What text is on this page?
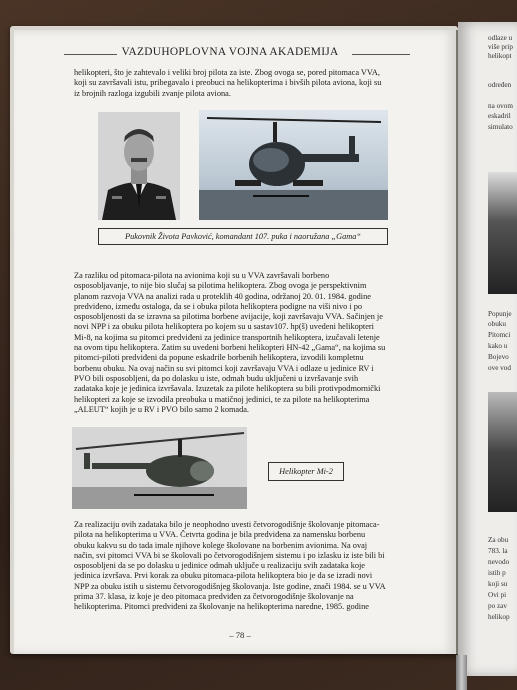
odlaze u
više prip
helikopt
određen
na ovom
eskadril
simulato
Popunje
obuku
Pitomci
kako u
Bojevo
ove vod
Za obu
783. la
nevodo
istih p
koji su
Ovi pi
po zav
helikop
VAZDUHOPLOVNA VOJNA AKADEMIJA
helikopteri, što je zahtevalo i veliki broj pilota za iste. Zbog ovoga se, pored pitomaca VVA,
koji su završavali istu, pribegavalo i preobuci na helikopterima i bivših pilota aviona, koji su
iz brojnih razloga izgubili zvanje pilota aviona.
Pukovnik Života Pavković, komandant 107. puka i naoružana „Gama“
Za razliku od pitomaca-pilota na avionima koji su u VVA završavali borbeno
osposobljavanje, to nije bio slučaj sa pilotima helikoptera. Zbog ovoga je perspektivnim
planom razvoja VVA na analizi rada u proteklih 40 godina, održanoj 20. 01. 1984. godine
predviđeno, između ostaloga, da se i obuka pilota helikoptera podigne na viši nivo i po
osposobljenosti da se izravna sa pilotima borbene avijacije, koji završavaju VVA. Sačinjen je
novi NPP i za obuku pilota helikoptera po kojem su u sastav107. hp(š) uvedeni helikopteri
Mi-8, na kojima su pitomci predviđeni za jedinice transportnih helikoptera, izučavali letenje
na ovom tipu helikoptera. Zatim su uvedeni borbeni helikopteri HN-42 „Gama“, na kojima su
pitomci-piloti predviđeni da popune eskadrile borbenih helikoptera, izvodili kompletnu
borbenu obuku. Na ovaj način su svi pitomci koji završavaju VVA i odlaze u jedinice RV i
PVO bili osposobljeni, da po dolasku u iste, odmah budu uključeni u izvršavanje svih
zadataka koje je jedinica izvršavala. Izuzetak za pilote helikoptera su bili protivpodmornički
helikopteri za koje se izvodila preobuka u matičnoj jedinici, te za pilote na helikopterima
„ALEUT“ kojih je u RV i PVO bilo samo 2 komada.
Helikopter Mi-2
Za realizaciju ovih zadataka bilo je neophodno uvesti četvorogodišnje školovanje pitomaca-
pilota na helikopterima u VVA. Četvrta godina je bila predviđena za namensku borbenu
obuku kakvu su do tada imale njihove kolege školovane na borbenim avionima. Na ovaj
način, svi pitomci VVA bi se školovali po četvorogodišnjem sistemu i po izlasku iz iste bili bi
osposobljeni da se po dolasku u jedinice odmah uključe u realizaciju svih zadataka koje
jedinica izvršava. Prvi korak za obuku pitomaca-pilota helikoptera bio je da se izradi novi
NPP za obuku istih u sistemu četvorogodišnjeg školovanja. Iste godine, znači 1984. se u VVA
prima 37. klasa, iz koje je deo pitomaca predviđen za četvorogodišnje školovanje na
helikopterima. Pitomci predviđeni za školovanje na helikopterima naredne, 1985. godine
– 78 –
